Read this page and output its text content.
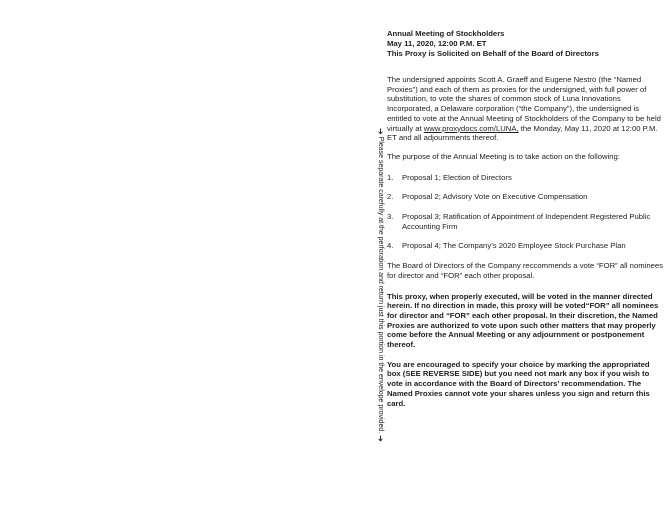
➔ Please separate carefully at the perforation and return just this portion in the envelope provided. ➔
Annual Meeting of Stockholders
May 11, 2020, 12:00 P.M. ET
This Proxy is Solicited on Behalf of the Board of Directors

The undersigned appoints Scott A. Graeff and Eugene Nestro (the “Named Proxies”) and each of them as proxies for the undersigned, with full power of substitution, to vote the shares of common stock of Luna Innovations Incorporated, a Delaware corporation (“the Company”), the undersigned is entitled to vote at the Annual Meeting of Stockholders of the Company to be held virtually at www.proxydocs.com/LUNA, the Monday, May 11, 2020 at 12:00 P.M. ET and all adjournments thereof.

The purpose of the Annual Meeting is to take action on the following:

1.	Proposal 1; Election of Directors
2.	Proposal 2; Advisory Vote on Executive Compensation
3.	Proposal 3; Ratification of Appointment of Independent Registered Public Accounting Firm
4.	Proposal 4; The Company’s 2020 Employee Stock Purchase Plan

The Board of Directors of the Company reccommends a vote “FOR” all nominees for director and “FOR” each other proposal.

This proxy, when properly executed, will be voted in the manner directed herein. If no direction in made, this proxy will be voted“FOR” all nominees for director and “FOR” each other proposal. In their discretion, the Named Proxies are authorized to vote upon such other matters that may properly come before the Annual Meeting or any adjournment or postponement thereof.

You are encouraged to specify your choice by marking the appropriated box (SEE REVERSE SIDE) but you need not mark any box if you wish to vote in accordance with the Board of Directors’ recommendation. The Named Proxies cannot vote your shares unless you sign and return this card.
